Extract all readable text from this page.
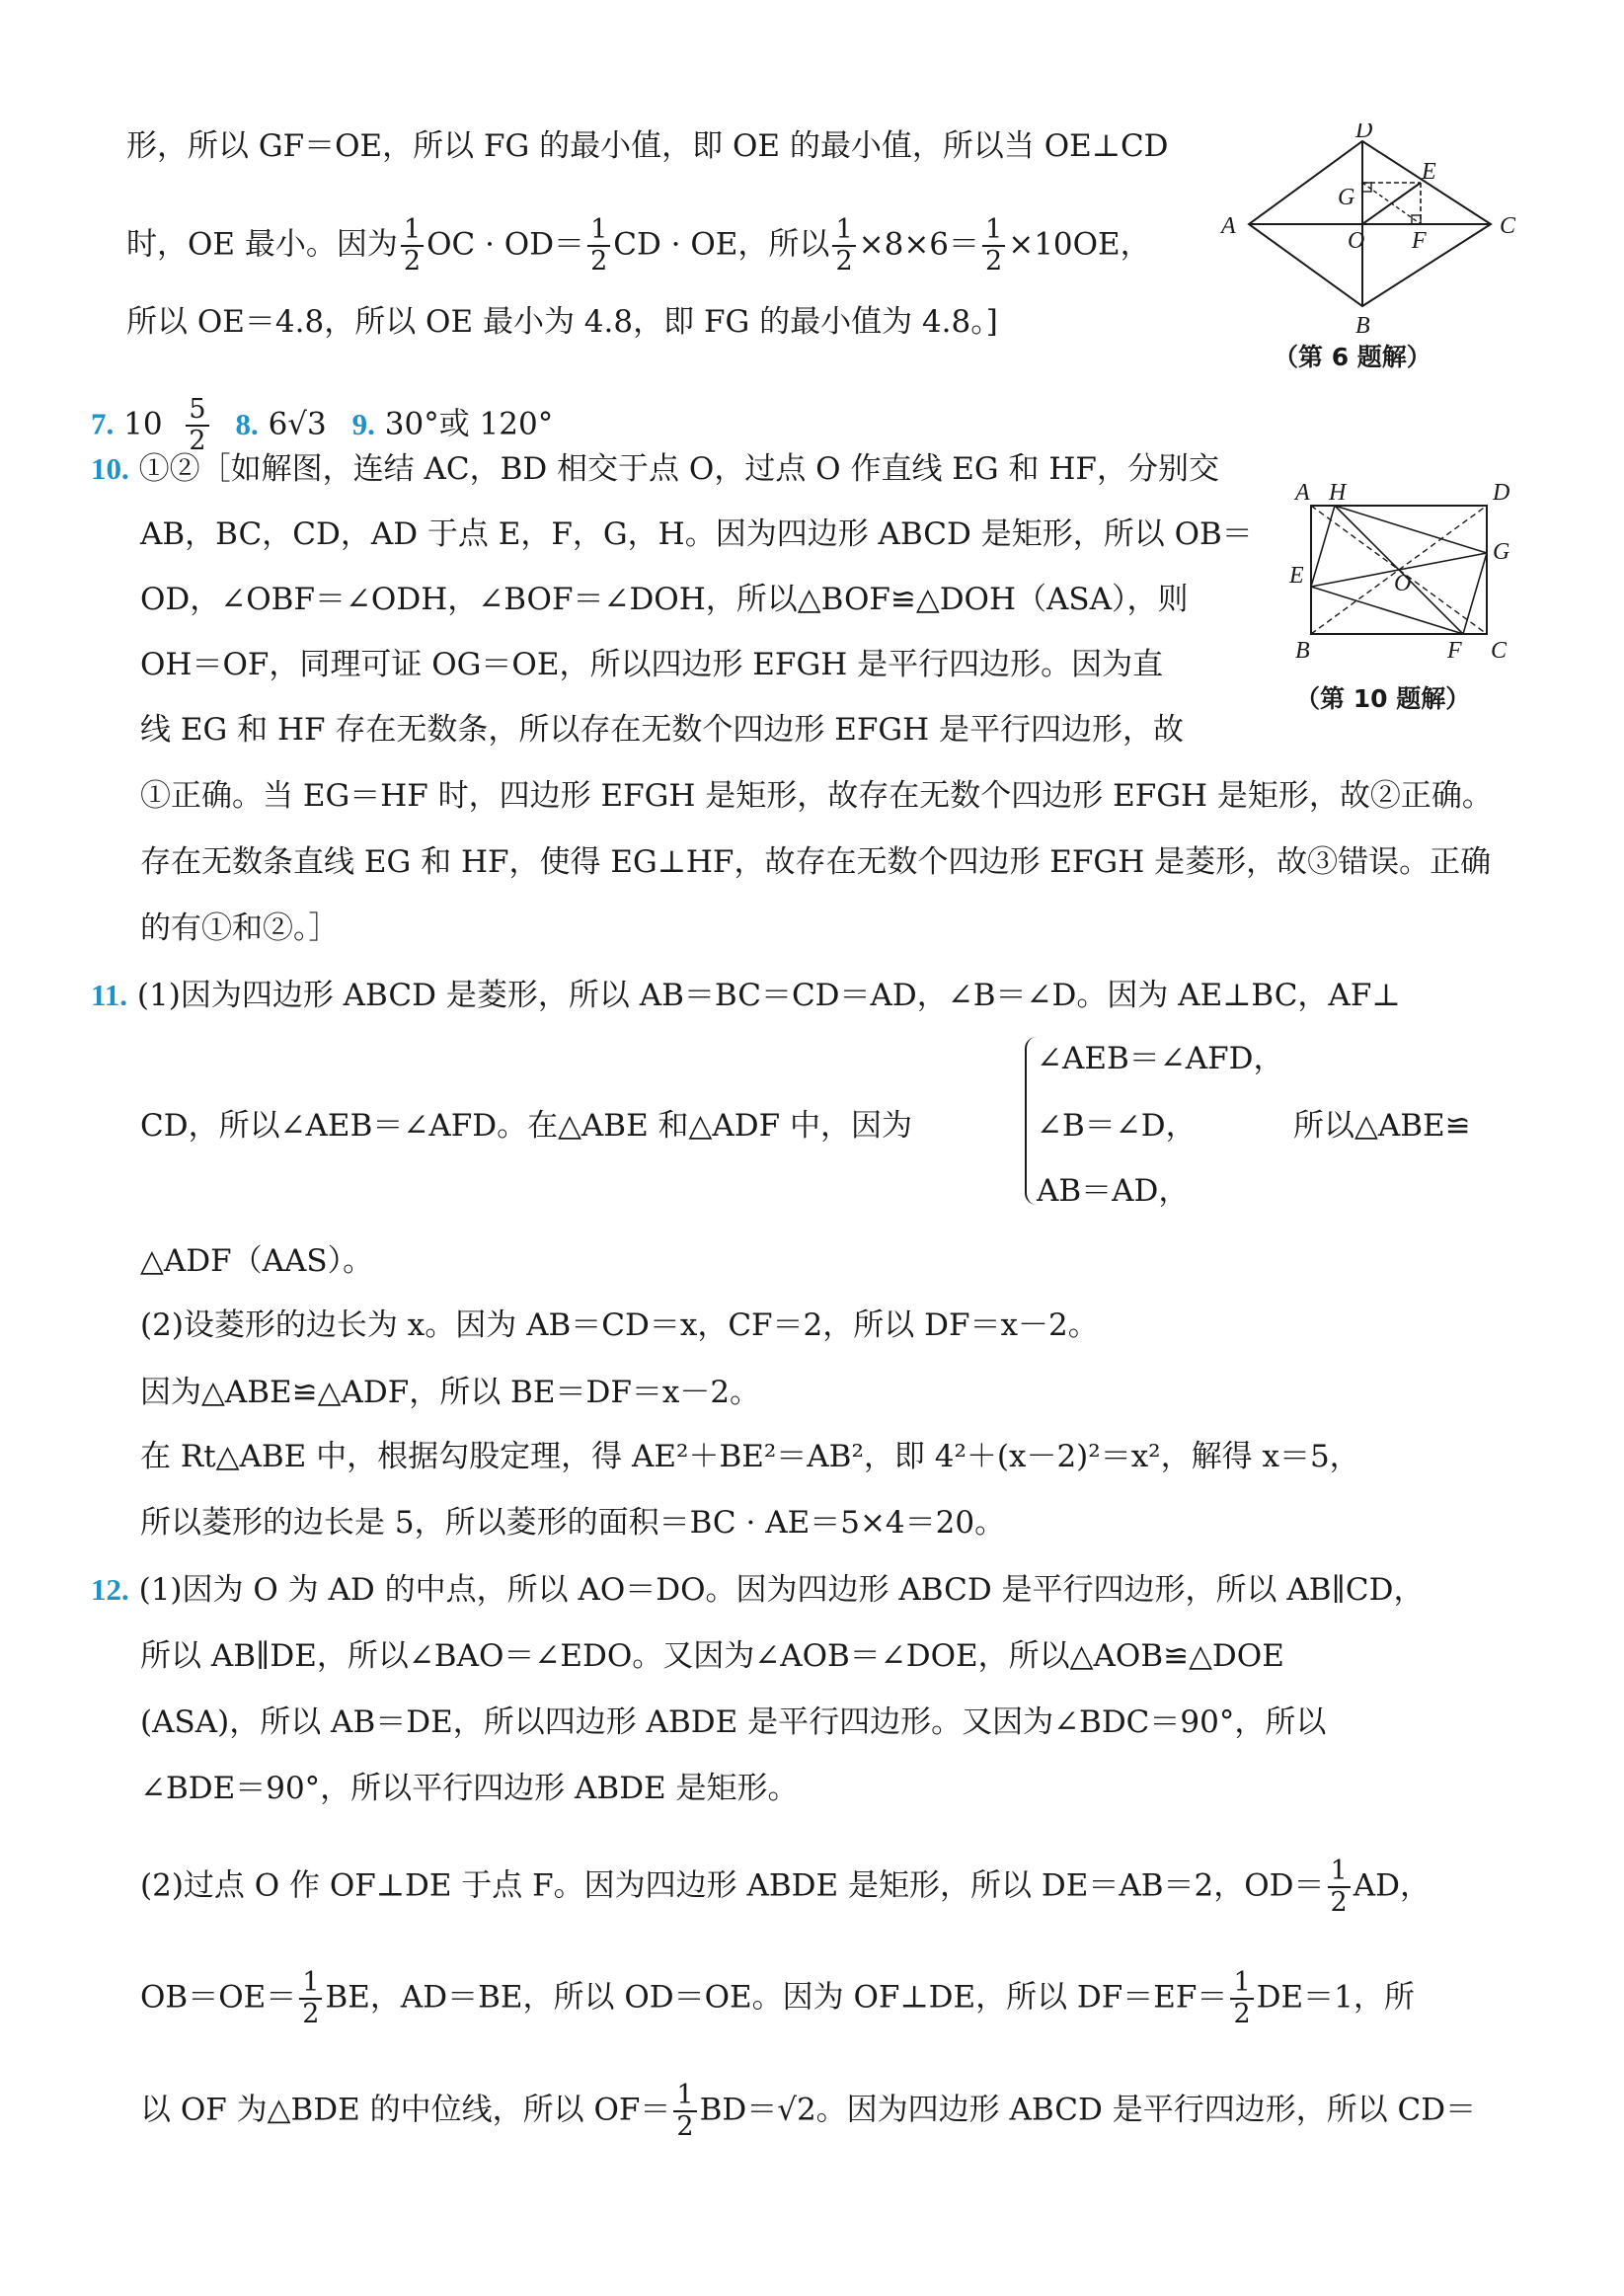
形，所以 GF＝OE，所以 FG 的最小值，即 OE 的最小值，所以当 OE⊥CD
时，OE 最小。因为 $\frac{1}{2}$ OC · $OD= \frac{1}{2}$ CD · OE，所以 $\frac{1}{2} \times 8\times 6= \frac{1}{2} \times 10OE$，
所以 OE＝4.8，所以 OE 最小为 4.8，即 FG 的最小值为 4.8。]
A
D
C
B
E
G
O F
（第 6 题解）
7. $10 \frac{5}{2} 8$. 6√3 9. 30°或 120°
10. ①②［如解图，连结 AC，BD 相交于点 O，过点 O 作直线 EG 和 HF，分别交
AB，BC，CD，AD 于点 E，F，G，H。因为四边形 ABCD 是矩形，所以 OB＝
OD，∠OBF＝∠ODH，∠BOF＝∠DOH，所以△BOF≌△DOH（ASA），则
OH＝OF，同理可证 OG＝OE，所以四边形 EFGH 是平行四边形。因为直
线 EG 和 HF 存在无数条，所以存在无数个四边形 EFGH 是平行四边形，故
①正确。当 EG＝HF 时，四边形 EFGH 是矩形，故存在无数个四边形 EFGH 是矩形，故②正确。
存在无数条直线 EG 和 HF，使得 EG⊥HF，故存在无数个四边形 EFGH 是菱形，故③错误。正确
的有①和②。］
A H	D
G
E	O
B	F C
（第 10 题解）
11. (1)因为四边形 ABCD 是菱形，所以 AB＝BC＝CD＝AD，∠B＝∠D。因为 AE⊥BC，AF⊥
∠AEB＝∠AFD，
CD，所以∠AEB＝∠AFD。在△ABE 和△ADF 中，因为	∠B＝∠D，	所以△ABE≌
AB＝AD，
△ADF（AAS）。
(2)设菱形的边长为 x。因为 AB＝CD＝x，CF＝2，所以 DF＝x－2。
因为△ABE≌△ADF，所以 BE＝DF＝x－2。
在 Rt△ABE 中，根据勾股定理，得 AE²＋BE²＝AB²，即 4²＋(x－2)²＝x²，解得 x＝5，
所以菱形的边长是 5，所以菱形的面积＝BC · AE＝5×4＝20。
12. (1)因为 O 为 AD 的中点，所以 AO＝DO。因为四边形 ABCD 是平行四边形，所以 AB∥CD，
所以 AB∥DE，所以∠BAO＝∠EDO。又因为∠AOB＝∠DOE，所以△AOB≌△DOE
(ASA)，所以 AB＝DE，所以四边形 ABDE 是平行四边形。又因为∠BDC＝90°，所以
∠BDE＝90°，所以平行四边形 ABDE 是矩形。
(2)过点 O 作 OF⊥DE 于点 F。因为四边形 ABDE 是矩形，所以 DE＝AB＝2，$OD= \frac{1}{2}$ AD，
$OB=OE= \frac{1}{2}$ BE，AD＝BE，所以 OD＝OE。因为 OF⊥DE，所以 $DF=EF= \frac{1}{2} DE=1$，所
以 OF 为△BDE 的中位线，所以 $OF= \frac{1}{2} BD=√2$。因为四边形 ABCD 是平行四边形，所以 CD＝
